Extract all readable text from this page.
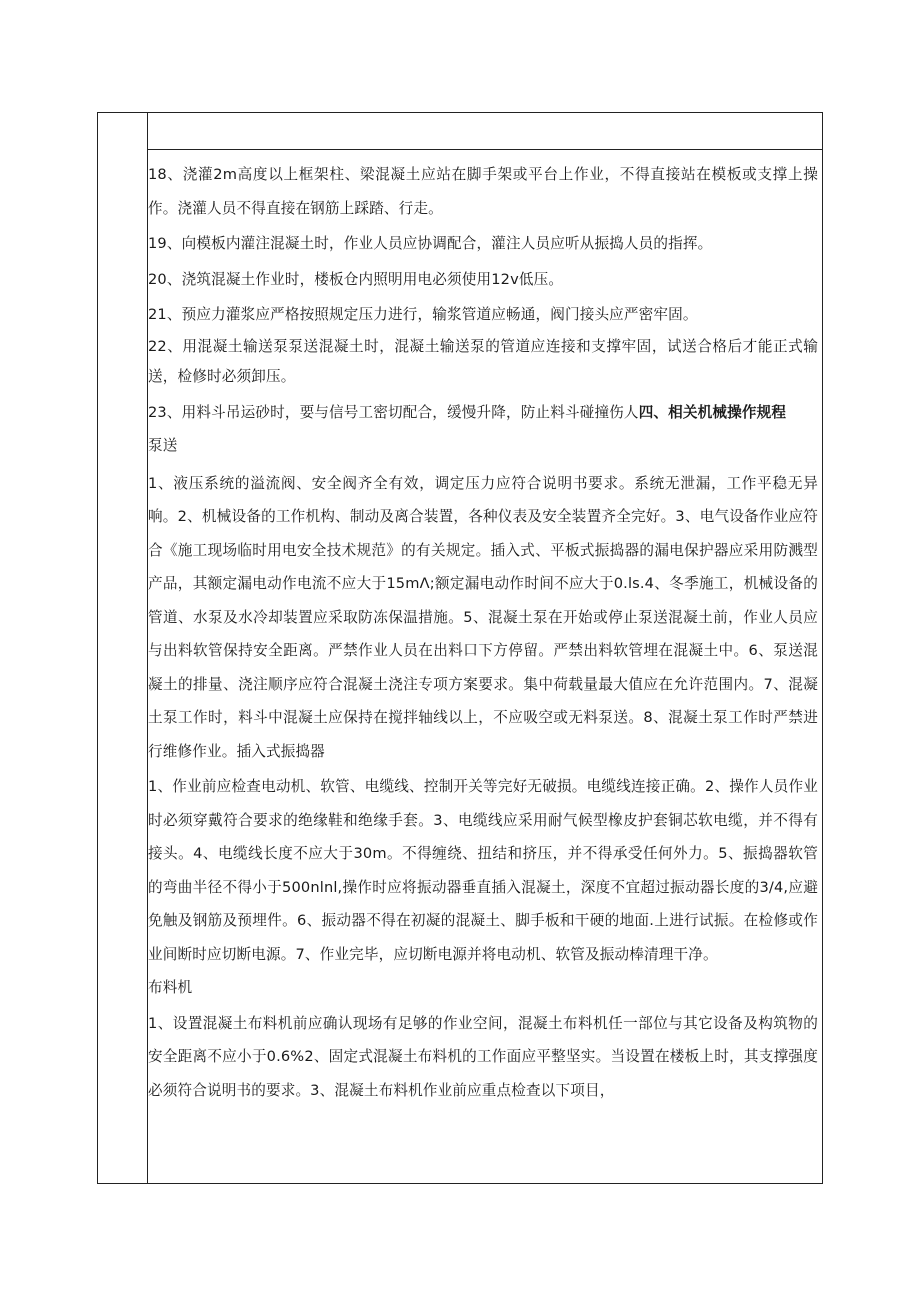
18、浇灌2m高度以上框架柱、梁混凝土应站在脚手架或平台上作业，不得直接站在模板或支撑上操作。浇灌人员不得直接在钢筋上踩踏、行走。

19、向模板内灌注混凝土时，作业人员应协调配合，灌注人员应听从振捣人员的指挥。

20、浇筑混凝土作业时，楼板仓内照明用电必须使用12v低压。

21、预应力灌浆应严格按照规定压力进行，输浆管道应畅通，阀门接头应严密牢固。

22、用混凝土输送泵泵送混凝土时，混凝土输送泵的管道应连接和支撑牢固，试送合格后才能正式输送，检修时必须卸压。

23、用料斗吊运砂时，要与信号工密切配合，缓慢升降，防止料斗碰撞伤人四、相关机械操作规程

泵送

1、液压系统的溢流阀、安全阀齐全有效，调定压力应符合说明书要求。系统无泄漏，工作平稳无异响。2、机械设备的工作机构、制动及离合装置，各种仪表及安全装置齐全完好。3、电气设备作业应符合《施工现场临时用电安全技术规范》的有关规定。插入式、平板式振捣器的漏电保护器应采用防溅型产品，其额定漏电动作电流不应大于15mΛ;额定漏电动作时间不应大于0.ls.4、冬季施工，机械设备的管道、水泵及水冷却装置应采取防冻保温措施。5、混凝土泵在开始或停止泵送混凝土前，作业人员应与出料软管保持安全距离。严禁作业人员在出料口下方停留。严禁出料软管埋在混凝土中。6、泵送混凝土的排量、浇注顺序应符合混凝土浇注专项方案要求。集中荷载量最大值应在允许范围内。7、混凝土泵工作时，料斗中混凝土应保持在搅拌轴线以上，不应吸空或无料泵送。8、混凝土泵工作时严禁进行维修作业。插入式振捣器

1、作业前应检查电动机、软管、电缆线、控制开关等完好无破损。电缆线连接正确。2、操作人员作业时必须穿戴符合要求的绝缘鞋和绝缘手套。3、电缆线应采用耐气候型橡皮护套铜芯软电缆，并不得有接头。4、电缆线长度不应大于30m。不得缠绕、扭结和挤压，并不得承受任何外力。5、振捣器软管的弯曲半径不得小于500nlnl,操作时应将振动器垂直插入混凝土，深度不宜超过振动器长度的3/4,应避免触及钢筋及预埋件。6、振动器不得在初凝的混凝土、脚手板和干硬的地面.上进行试振。在检修或作业间断时应切断电源。7、作业完毕，应切断电源并将电动机、软管及振动棒清理干净。

布料机

1、设置混凝土布料机前应确认现场有足够的作业空间，混凝土布料机任一部位与其它设备及构筑物的安全距离不应小于0.6%2、固定式混凝土布料机的工作面应平整坚实。当设置在楼板上时，其支撑强度必须符合说明书的要求。3、混凝土布料机作业前应重点检查以下项目，
